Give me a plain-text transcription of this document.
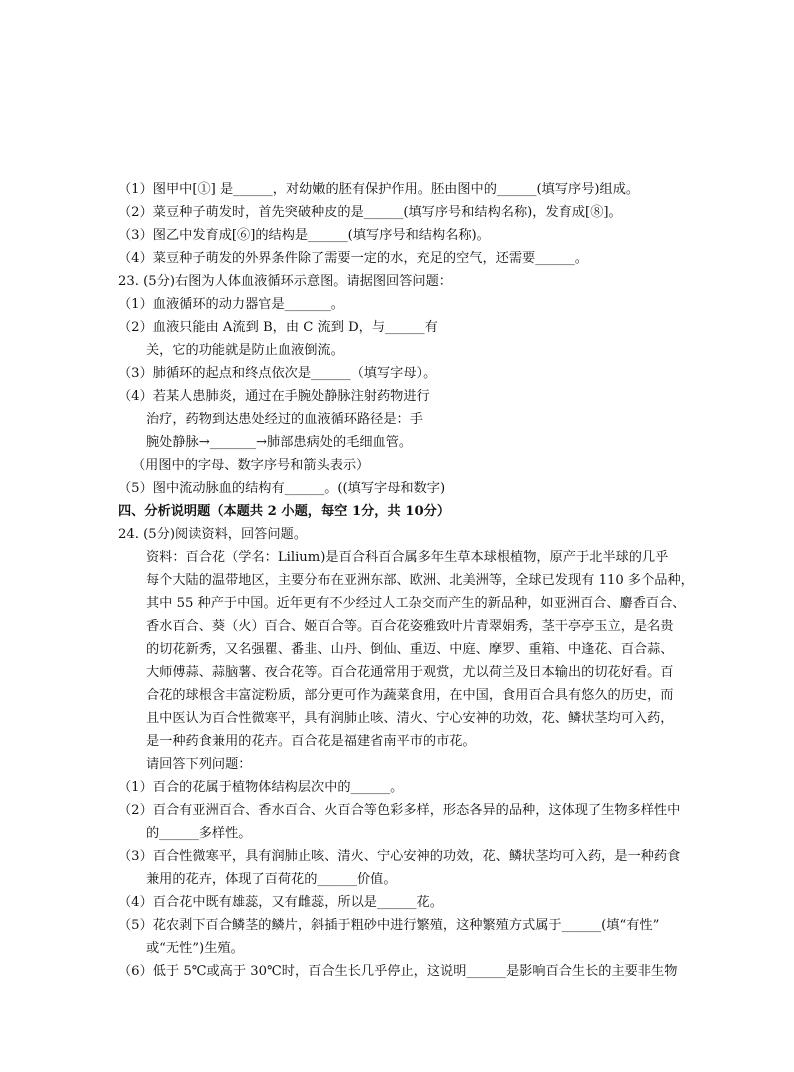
（1）图甲中[①] 是______，对幼嫩的胚有保护作用。胚由图中的______(填写序号)组成。
（2）菜豆种子萌发时，首先突破种皮的是______(填写序号和结构名称)，发育成[⑧]。
（3）图乙中发育成[⑥]的结构是______(填写序号和结构名称)。
（4）菜豆种子萌发的外界条件除了需要一定的水，充足的空气，还需要______。
23. (5分)右图为人体血液循环示意图。请据图回答问题：
（1）血液循环的动力器官是_______。
（2）血液只能由 A流到 B，由 C 流到 D，与______有
关，它的功能就是防止血液倒流。
（3）肺循环的起点和终点依次是______（填写字母）。
（4）若某人患肺炎，通过在手腕处静脉注射药物进行
治疗，药物到达患处经过的血液循环路径是：手
腕处静脉→_______→肺部患病处的毛细血管。
（用图中的字母、数字序号和箭头表示）
（5）图中流动脉血的结构有______。((填写字母和数字)
四、分析说明题（本题共 2 小题，每空 1分，共 10分）
24. (5分)阅读资料，回答问题。
资料：百合花（学名：Lilium)是百合科百合属多年生草本球根植物，原产于北半球的几乎
每个大陆的温带地区，主要分布在亚洲东部、欧洲、北美洲等，全球已发现有 110 多个品种，
其中 55 种产于中国。近年更有不少经过人工杂交而产生的新品种，如亚洲百合、麝香百合、
香水百合、葵（火）百合、姬百合等。百合花姿雅致叶片青翠娟秀，茎干亭亭玉立，是名贵
的切花新秀，又名强瞿、番韭、山丹、倒仙、重迈、中庭、摩罗、重箱、中逢花、百合蒜、
大师傅蒜、蒜脑薯、夜合花等。百合花通常用于观赏，尤以荷兰及日本输出的切花好看。百
合花的球根含丰富淀粉质，部分更可作为蔬菜食用，在中国，食用百合具有悠久的历史，而
且中医认为百合性微寒平，具有润肺止咳、清火、宁心安神的功效，花、鳞状茎均可入药，
是一种药食兼用的花卉。百合花是福建省南平市的市花。
请回答下列问题：
（1）百合的花属于植物体结构层次中的______。
（2）百合有亚洲百合、香水百合、火百合等色彩多样，形态各异的品种，这体现了生物多样性中
的______多样性。
（3）百合性微寒平，具有润肺止咳、清火、宁心安神的功效，花、鳞状茎均可入药，是一种药食
兼用的花卉，体现了百荷花的______价值。
（4）百合花中既有雄蕊，又有雌蕊，所以是______花。
（5）花农剥下百合鳞茎的鳞片，斜插于粗砂中进行繁殖，这种繁殖方式属于______(填“有性”
或“无性”)生殖。
（6）低于 5℃或高于 30℃时，百合生长几乎停止，这说明______是影响百合生长的主要非生物
